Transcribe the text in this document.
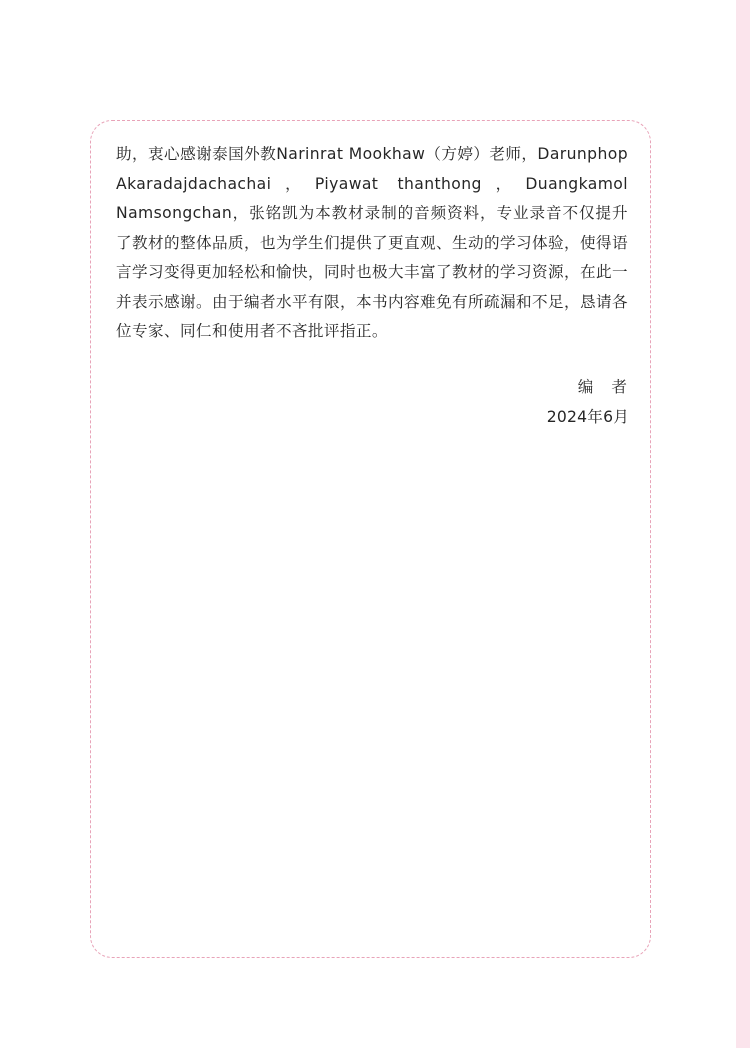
助，衷心感谢泰国外教Narinrat Mookhaw（方婷）老师，Darunphop Akaradajdachachai，Piyawat thanthong，Duangkamol Namsongchan，张铭凯为本教材录制的音频资料，专业录音不仅提升了教材的整体品质，也为学生们提供了更直观、生动的学习体验，使得语言学习变得更加轻松和愉快，同时也极大丰富了教材的学习资源，在此一并表示感谢。由于编者水平有限，本书内容难免有所疏漏和不足，恳请各位专家、同仁和使用者不吝批评指正。

编者
2024年6月
